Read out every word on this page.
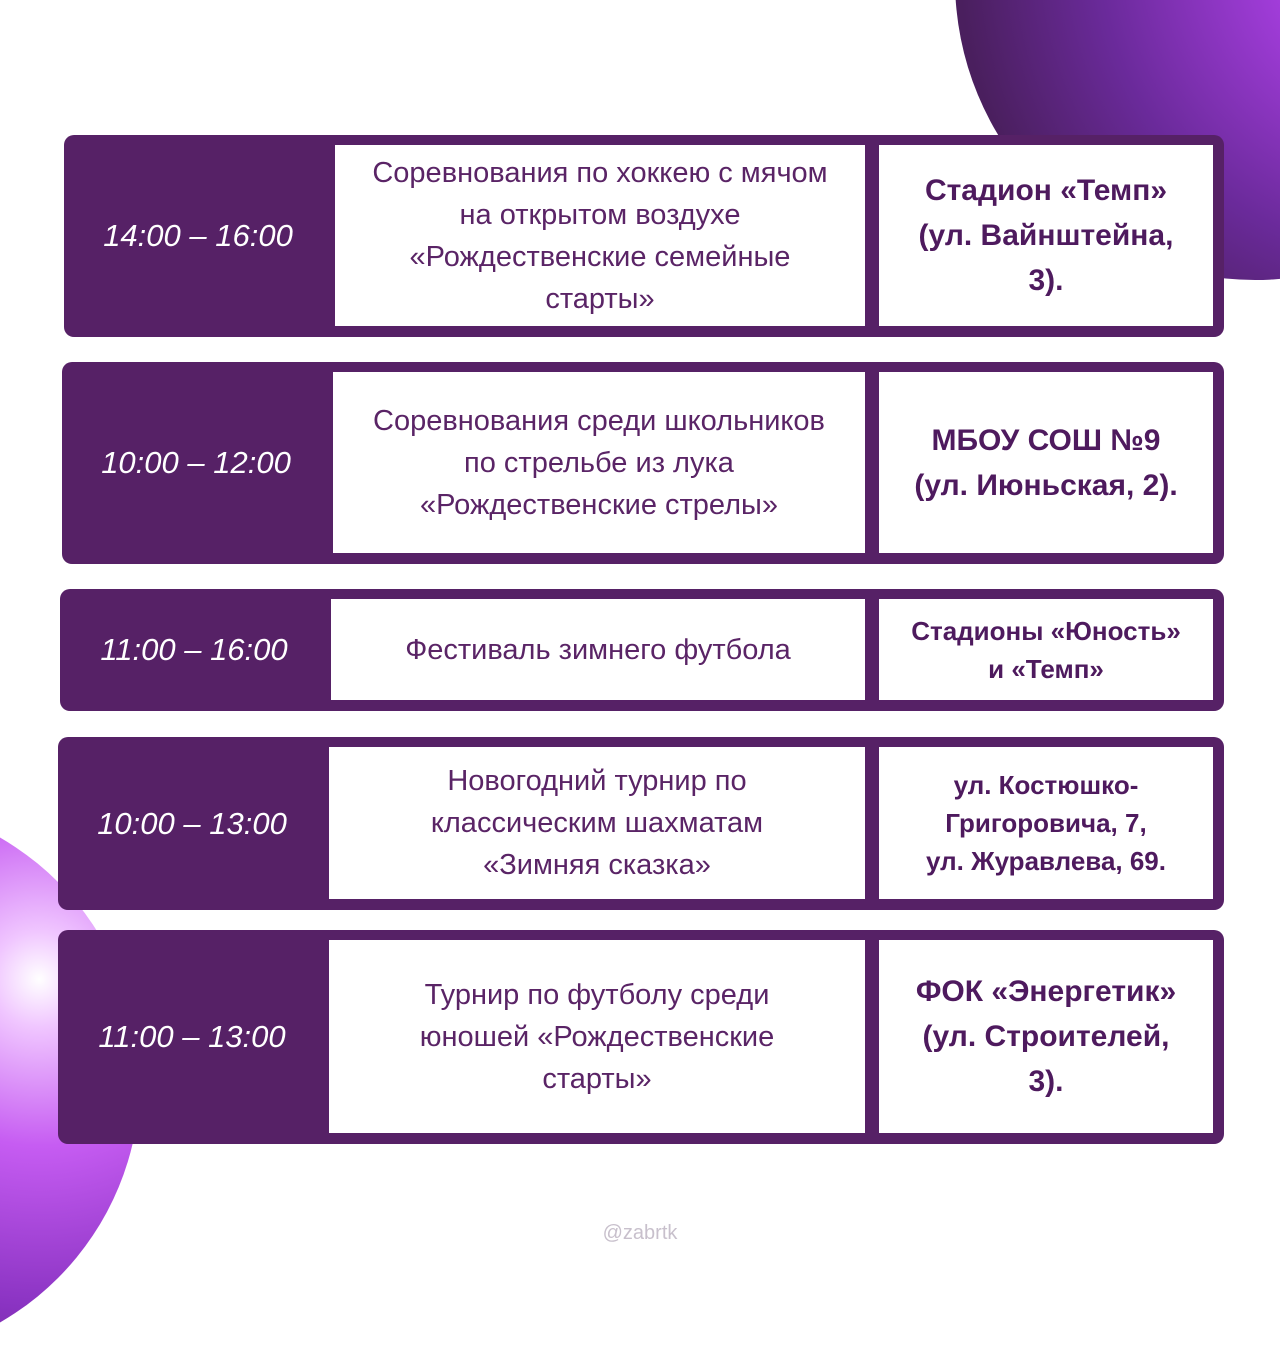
14:00 – 16:00
Соревнования по хоккею с мячом
на открытом воздухе
«Рождественские семейные
старты»
Стадион «Темп»
(ул. Вайнштейна,
3).
10:00 – 12:00
Соревнования среди школьников
по стрельбе из лука
«Рождественские стрелы»
МБОУ СОШ №9
(ул. Июньская, 2).
11:00 – 16:00	Фестиваль зимнего футбола
Стадионы «Юность»
и «Темп»
10:00 – 13:00
Новогодний турнир по
классическим шахматам
«Зимняя сказка»
ул. Костюшко-
Григоровича, 7,
ул. Журавлева, 69.
11:00 – 13:00
Турнир по футболу среди
юношей «Рождественские
старты»
ФОК «Энергетик»
(ул. Строителей,
3).
@zabrtk
